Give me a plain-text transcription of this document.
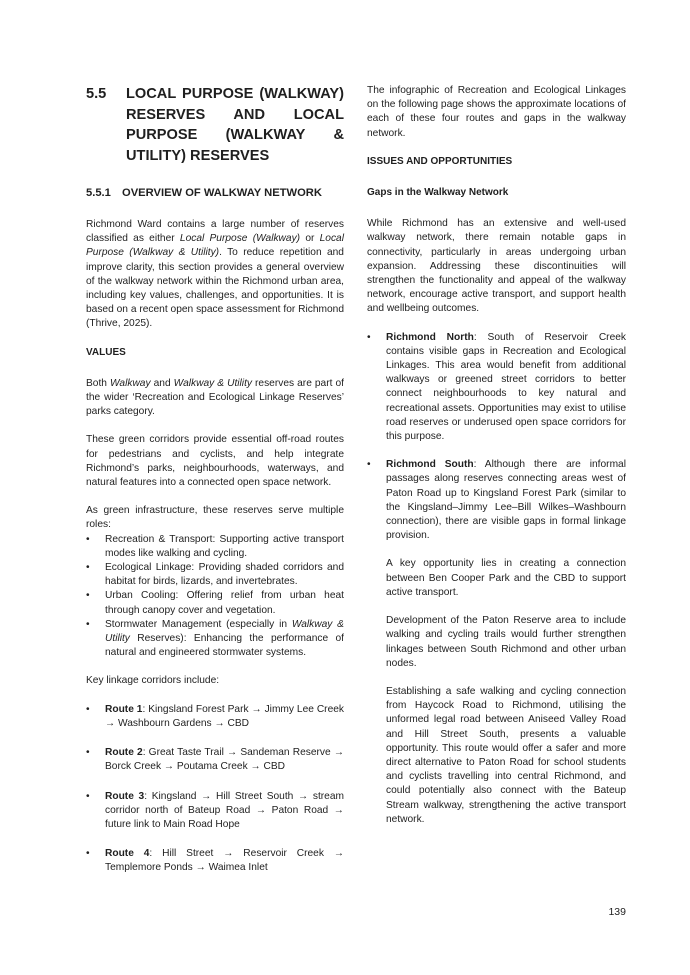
5.5	LOCAL PURPOSE (WALKWAY) RESERVES AND LOCAL PURPOSE (WALKWAY & UTILITY) RESERVES
5.5.1 OVERVIEW OF WALKWAY NETWORK

Richmond Ward contains a large number of reserves classified as either Local Purpose (Walkway) or Local Purpose (Walkway & Utility). To reduce repetition and improve clarity, this section provides a general overview of the walkway network within the Richmond urban area, including key values, challenges, and opportunities. It is based on a recent open space assessment for Richmond (Thrive, 2025).

VALUES

Both Walkway and Walkway & Utility reserves are part of the wider ‘Recreation and Ecological Linkage Reserves’ parks category.

These green corridors provide essential off-road routes for pedestrians and cyclists, and help integrate Richmond’s parks, neighbourhoods, waterways, and natural features into a connected open space network.

As green infrastructure, these reserves serve multiple roles:

• Recreation & Transport: Supporting active transport modes like walking and cycling.
• Ecological Linkage: Providing shaded corridors and habitat for birds, lizards, and invertebrates.
• Urban Cooling: Offering relief from urban heat through canopy cover and vegetation.
• Stormwater Management (especially in Walkway & Utility Reserves): Enhancing the performance of natural and engineered stormwater systems.

Key linkage corridors include:

• Route 1: Kingsland Forest Park → Jimmy Lee Creek → Washbourn Gardens → CBD
• Route 2: Great Taste Trail → Sandeman Reserve → Borck Creek → Poutama Creek → CBD
• Route 3: Kingsland → Hill Street South → stream corridor north of Bateup Road → Paton Road → future link to Main Road Hope
• Route 4: Hill Street → Reservoir Creek → Templemore Ponds → Waimea Inlet

The infographic of Recreation and Ecological Linkages on the following page shows the approximate locations of each of these four routes and gaps in the walkway network.

ISSUES AND OPPORTUNITIES
Gaps in the Walkway Network

While Richmond has an extensive and well-used walkway network, there remain notable gaps in connectivity, particularly in areas undergoing urban expansion. Addressing these discontinuities will strengthen the functionality and appeal of the walkway network, encourage active transport, and support health and wellbeing outcomes.

• Richmond North: South of Reservoir Creek contains visible gaps in Recreation and Ecological Linkages. This area would benefit from additional walkways or greened street corridors to better connect neighbourhoods to key natural and recreational assets. Opportunities may exist to utilise road reserves or underused open space corridors for this purpose.
• Richmond South: Although there are informal passages along reserves connecting areas west of Paton Road up to Kingsland Forest Park (similar to the Kingsland–Jimmy Lee–Bill Wilkes–Washbourn connection), there are visible gaps in formal linkage provision.

A key opportunity lies in creating a connection between Ben Cooper Park and the CBD to support active transport.

Development of the Paton Reserve area to include walking and cycling trails would further strengthen linkages between South Richmond and other urban nodes.

Establishing a safe walking and cycling connection from Haycock Road to Richmond, utilising the unformed legal road between Aniseed Valley Road and Hill Street South, presents a valuable opportunity. This route would offer a safer and more direct alternative to Paton Road for school students and cyclists travelling into central Richmond, and could potentially also connect with the Bateup Stream walkway, strengthening the active transport network.

139
